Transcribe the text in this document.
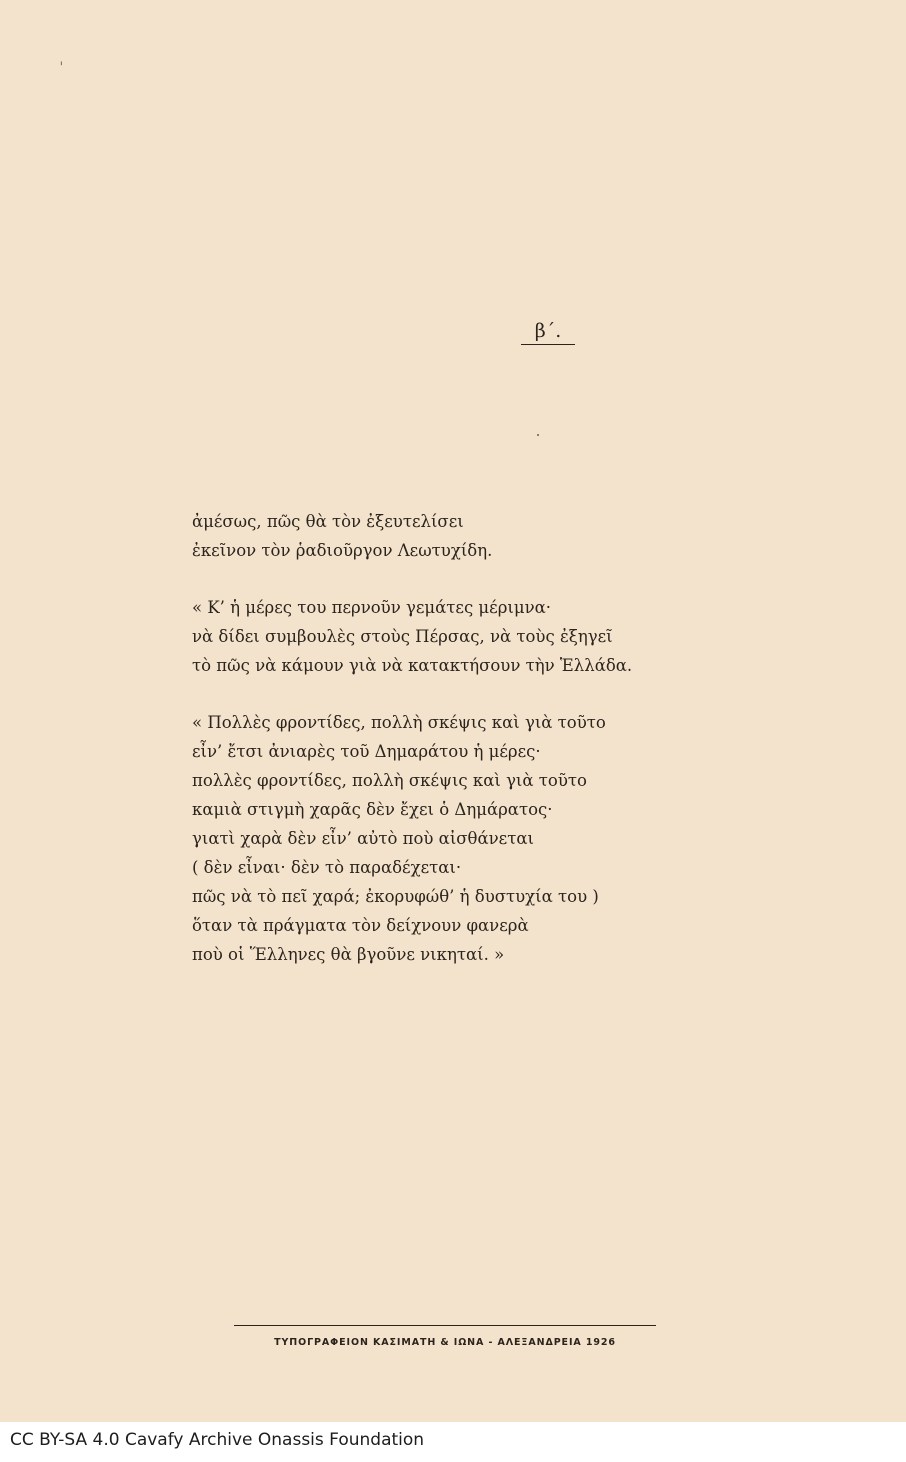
β΄.
ἀμέσως, πῶς θὰ τὸν ἐξευτελίσει
ἐκεῖνον τὸν ῥαδιοῦργον Λεωτυχίδη.
« Κ’ ἡ μέρες του περνοῦν γεμάτες μέριμνα·
νὰ δίδει συμβουλὲς στοὺς Πέρσας, νὰ τοὺς ἐξηγεῖ
τὸ πῶς νὰ κάμουν γιὰ νὰ κατακτήσουν τὴν Ἑλλάδα.
« Πολλὲς φροντίδες, πολλὴ σκέψις καὶ γιὰ τοῦτο
εἶν’ ἔτσι ἀνιαρὲς τοῦ Δημαράτου ἡ μέρες·
πολλὲς φροντίδες, πολλὴ σκέψις καὶ γιὰ τοῦτο
καμιὰ στιγμὴ χαρᾶς δὲν ἔχει ὁ Δημάρατος·
γιατὶ χαρὰ δὲν εἶν’ αὐτὸ ποὺ αἰσθάνεται
( δὲν εἶναι· δὲν τὸ παραδέχεται·
πῶς νὰ τὸ πεῖ χαρά; ἐκορυφώθ’ ἡ δυστυχία του )
ὅταν τὰ πράγματα τὸν δείχνουν φανερὰ
ποὺ οἱ Ἕλληνες θὰ βγοῦνε νικηταί. »
ΤΥΠΟΓΡΑΦΕΙΟΝ ΚΑΣΙΜΑΤΗ & ΙΩΝΑ - ΑΛΕΞΑΝΔΡΕΙΑ 1926
CC BY-SA 4.0 Cavafy Archive Onassis Foundation
